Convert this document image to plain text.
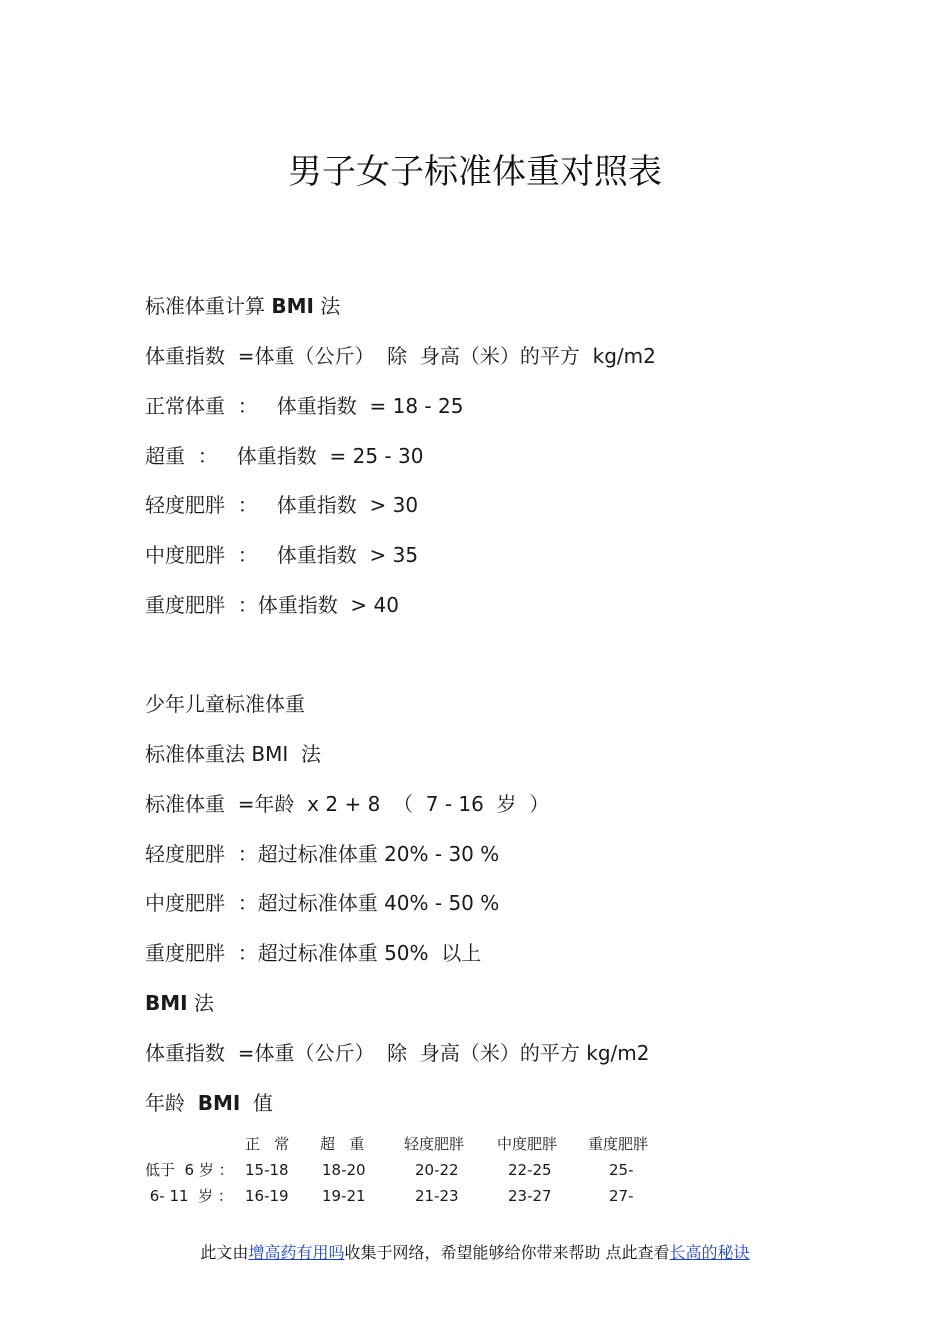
男子女子标准体重对照表
标准体重计算 BMI 法
体重指数  =体重（公斤）  除  身高（米）的平方  kg/m2
正常体重  ：   体重指数  = 18 - 25
超重  ：   体重指数  = 25 - 30
轻度肥胖  ：   体重指数  > 30
中度肥胖  ：   体重指数  > 35
重度肥胖  ：体重指数  > 40
少年儿童标准体重
标准体重法 BMI  法
标准体重  =年龄  x 2 + 8  （  7 - 16  岁  ）
轻度肥胖  ：超过标准体重 20% - 30 %
中度肥胖  ：超过标准体重 40% - 50 %
重度肥胖  ：超过标准体重 50%  以上
BMI 法
体重指数  =体重（公斤）  除  身高（米）的平方 kg/m2
年龄  BMI  值
正   常 超   重	轻度肥胖 中度肥胖 重度肥胖
低于  6 岁 ： 15-18 18-20	20-22	22-25	25-
6- 11  岁 ： 16-19 19-21	21-23	23-27	27-
此文由增高药有用吗收集于网络，希望能够给你带来帮助 点此查看长高的秘诀
